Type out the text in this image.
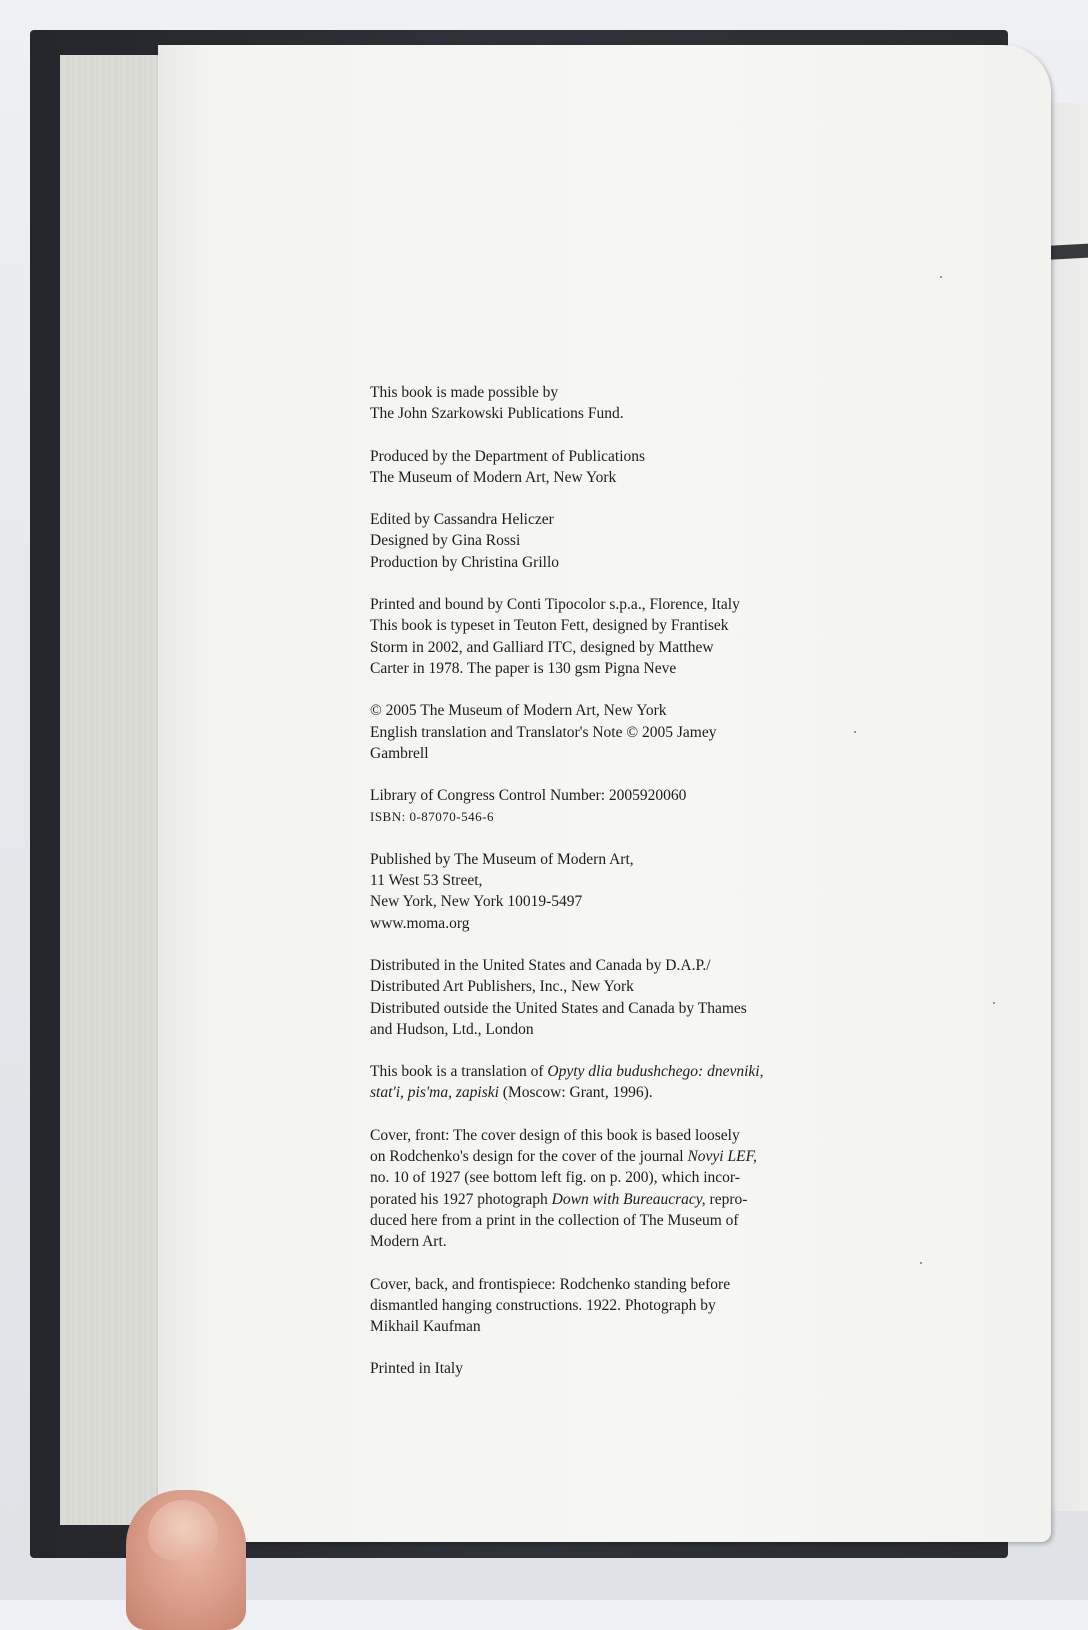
This book is made possible by

The John Szarkowski Publications Fund.

Produced by the Department of Publications

The Museum of Modern Art, New York

Edited by Cassandra Heliczer

Designed by Gina Rossi

Production by Christina Grillo

Printed and bound by Conti Tipocolor s.p.a., Florence, Italy

This book is typeset in Teuton Fett, designed by Frantisek

Storm in 2002, and Galliard ITC, designed by Matthew

Carter in 1978. The paper is 130 gsm Pigna Neve

© 2005 The Museum of Modern Art, New York

English translation and Translator's Note © 2005 Jamey

Gambrell

Library of Congress Control Number: 2005920060

ISBN: 0-87070-546-6

Published by The Museum of Modern Art,

11 West 53 Street,

New York, New York 10019-5497

www.moma.org

Distributed in the United States and Canada by D.A.P./

Distributed Art Publishers, Inc., New York

Distributed outside the United States and Canada by Thames

and Hudson, Ltd., London

This book is a translation of Opyty dlia budushchego: dnevniki,

stat'i, pis'ma, zapiski (Moscow: Grant, 1996).

Cover, front: The cover design of this book is based loosely

on Rodchenko's design for the cover of the journal Novyi LEF,

no. 10 of 1927 (see bottom left fig. on p. 200), which incor-

porated his 1927 photograph Down with Bureaucracy, repro-

duced here from a print in the collection of The Museum of

Modern Art.

Cover, back, and frontispiece: Rodchenko standing before

dismantled hanging constructions. 1922. Photograph by

Mikhail Kaufman

Printed in Italy
